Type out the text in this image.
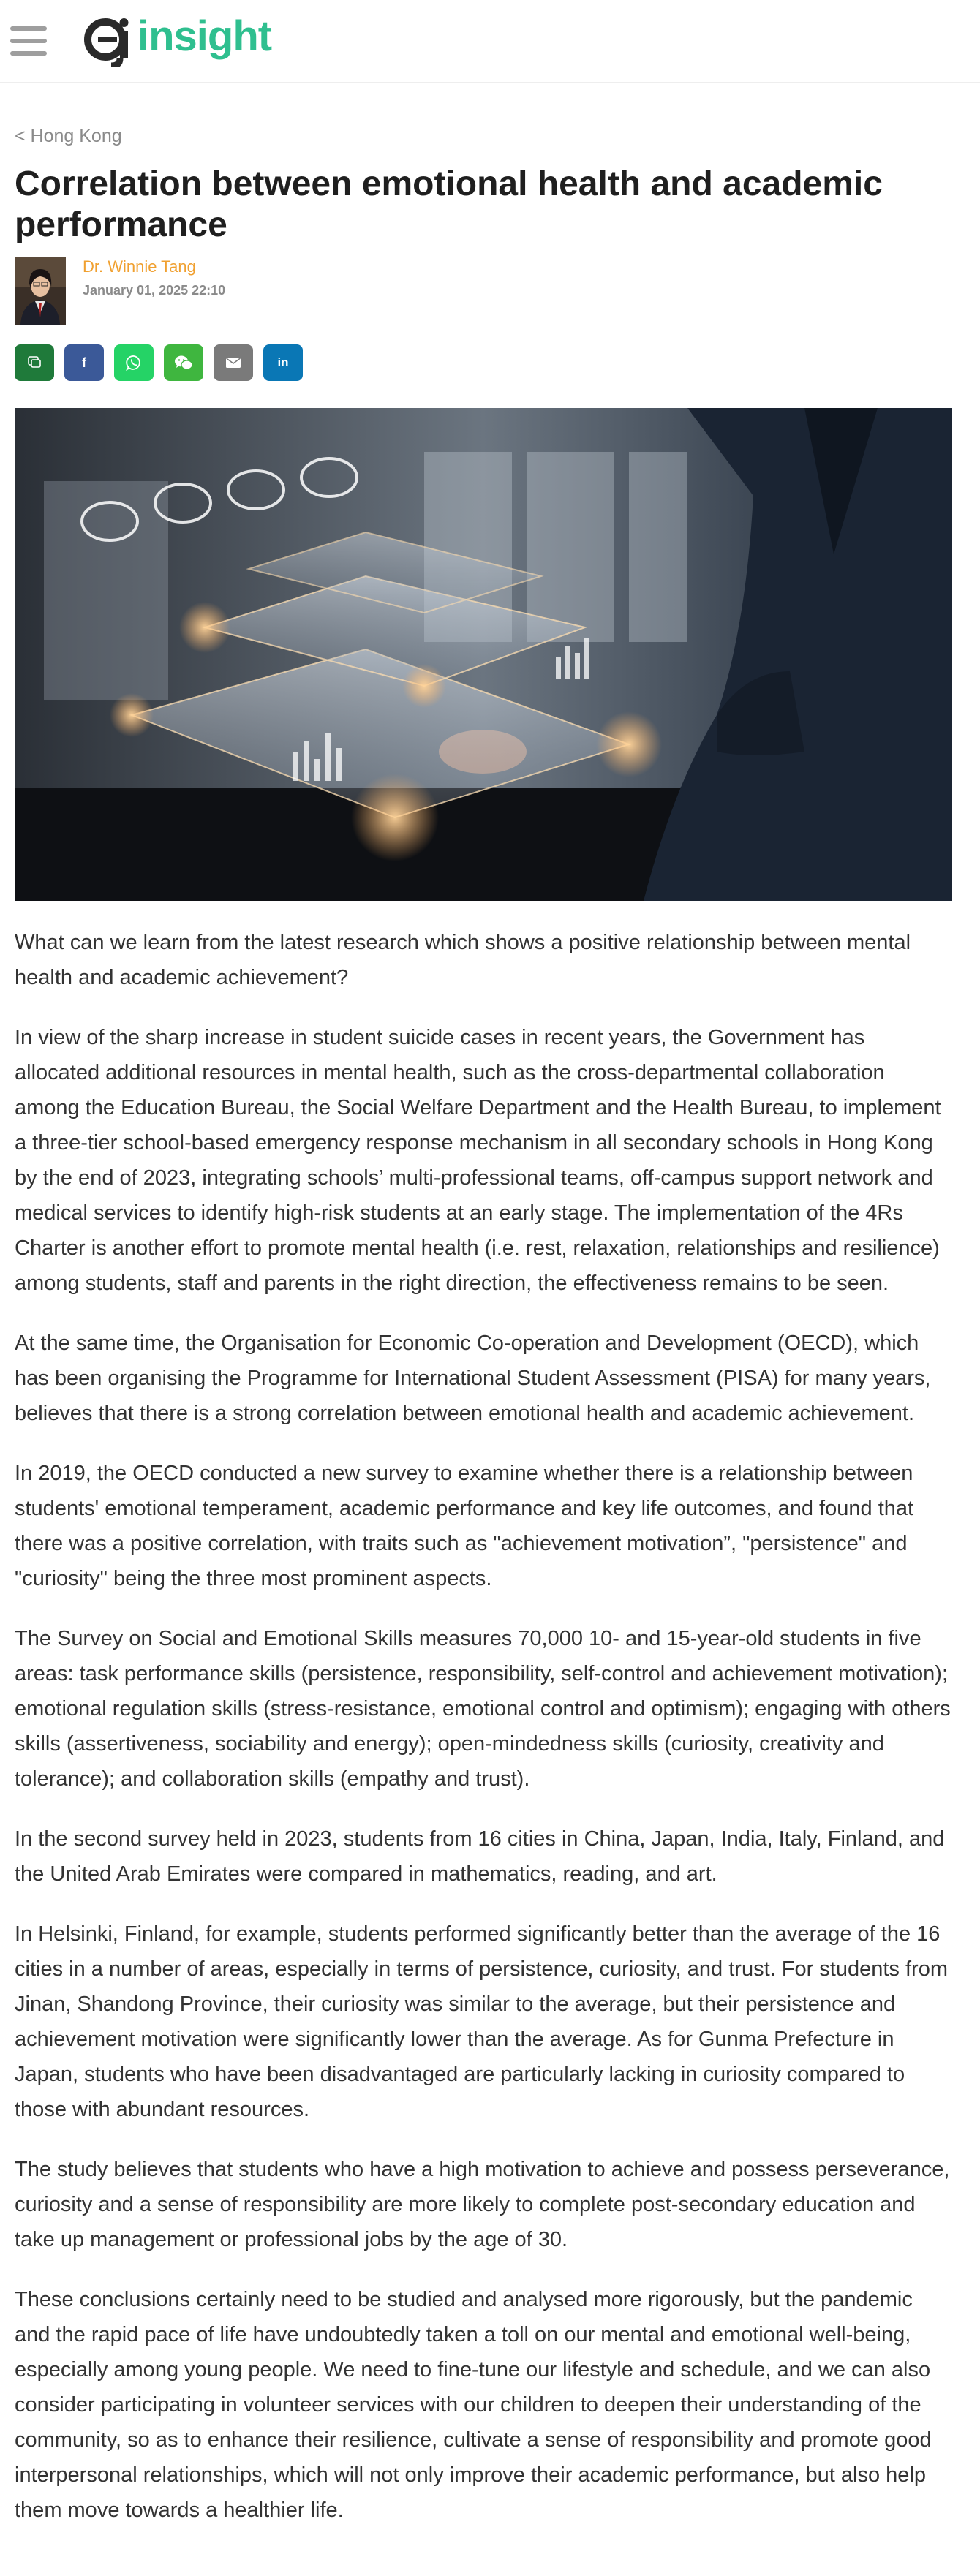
insight
< Hong Kong
Correlation between emotional health and academic performance
Dr. Winnie Tang
January 01, 2025 22:10
f	in

What can we learn from the latest research which shows a positive relationship between mental health and academic achievement?

In view of the sharp increase in student suicide cases in recent years, the Government has allocated additional resources in mental health, such as the cross-departmental collaboration among the Education Bureau, the Social Welfare Department and the Health Bureau, to implement a three-tier school-based emergency response mechanism in all secondary schools in Hong Kong by the end of 2023, integrating schools’ multi-professional teams, off-campus support network and medical services to identify high-risk students at an early stage. The implementation of the 4Rs Charter is another effort to promote mental health (i.e. rest, relaxation, relationships and resilience) among students, staff and parents in the right direction, the effectiveness remains to be seen.

At the same time, the Organisation for Economic Co-operation and Development (OECD), which has been organising the Programme for International Student Assessment (PISA) for many years, believes that there is a strong correlation between emotional health and academic achievement.

In 2019, the OECD conducted a new survey to examine whether there is a relationship between students' emotional temperament, academic performance and key life outcomes, and found that there was a positive correlation, with traits such as "achievement motivation”, "persistence" and "curiosity" being the three most prominent aspects.

The Survey on Social and Emotional Skills measures 70,000 10- and 15-year-old students in five areas: task performance skills (persistence, responsibility, self-control and achievement motivation); emotional regulation skills (stress-resistance, emotional control and optimism); engaging with others skills (assertiveness, sociability and energy); open-mindedness skills (curiosity, creativity and tolerance); and collaboration skills (empathy and trust).

In the second survey held in 2023, students from 16 cities in China, Japan, India, Italy, Finland, and the United Arab Emirates were compared in mathematics, reading, and art.

In Helsinki, Finland, for example, students performed significantly better than the average of the 16 cities in a number of areas, especially in terms of persistence, curiosity, and trust. For students from Jinan, Shandong Province, their curiosity was similar to the average, but their persistence and achievement motivation were significantly lower than the average. As for Gunma Prefecture in Japan, students who have been disadvantaged are particularly lacking in curiosity compared to those with abundant resources.

The study believes that students who have a high motivation to achieve and possess perseverance, curiosity and a sense of responsibility are more likely to complete post-secondary education and take up management or professional jobs by the age of 30.

These conclusions certainly need to be studied and analysed more rigorously, but the pandemic and the rapid pace of life have undoubtedly taken a toll on our mental and emotional well-being, especially among young people. We need to fine-tune our lifestyle and schedule, and we can also consider participating in volunteer services with our children to deepen their understanding of the community, so as to enhance their resilience, cultivate a sense of responsibility and promote good interpersonal relationships, which will not only improve their academic performance, but also help them move towards a healthier life.
